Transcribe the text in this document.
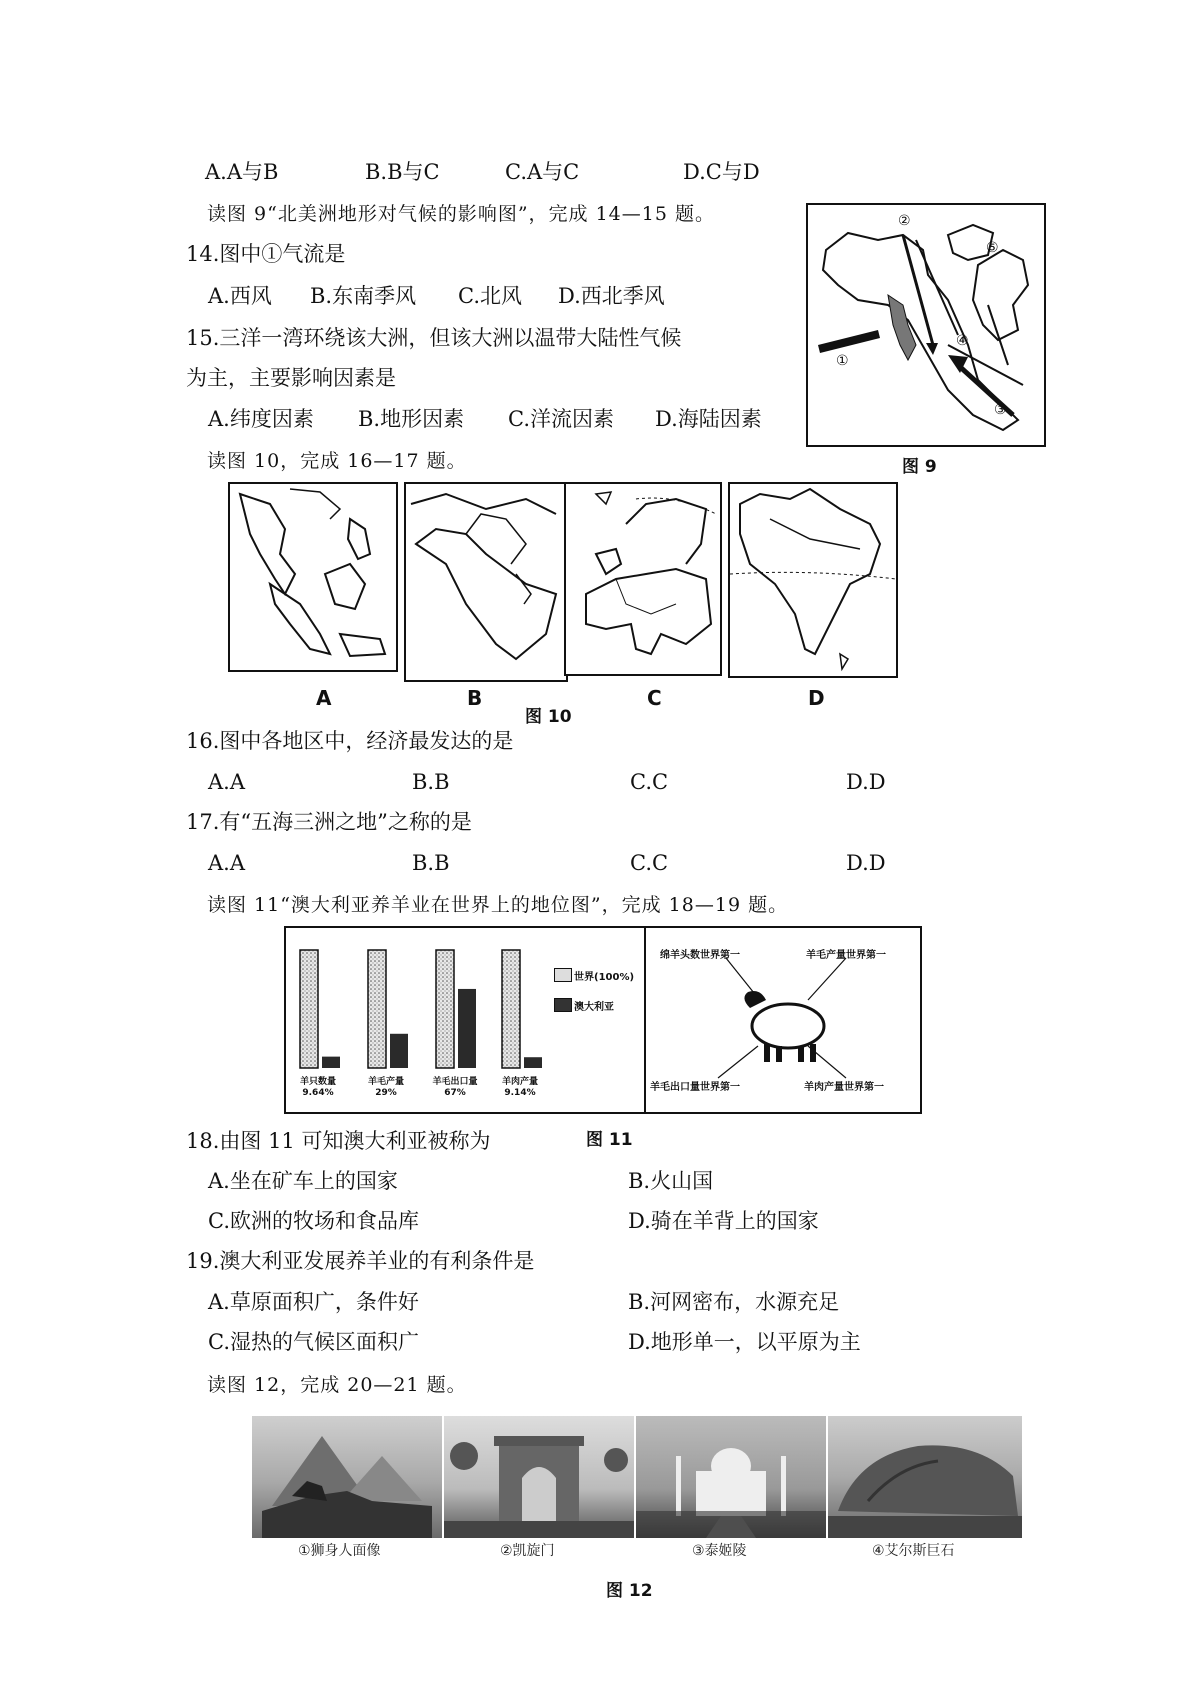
A.A与B	B.B与C	C.A与C	D.C与D
读图 9“北美洲地形对气候的影响图”，完成 14—15 题。
14.图中①气流是
A.西风 B.东南季风 C.北风 D.西北季风
15.三洋一湾环绕该大洲，但该大洲以温带大陆性气候
为主，主要影响因素是
A.纬度因素 B.地形因素 C.洋流因素 D.海陆因素
读图 10，完成 16—17 题。
①
②
③
④
⑤
图 9
A	B	C	D
图 10
16.图中各地区中，经济最发达的是
A.A	B.B	C.C	D.D
17.有“五海三洲之地”之称的是
A.A	B.B	C.C	D.D
读图 11“澳大利亚养羊业在世界上的地位图”，完成 18—19 题。
羊只数量	羊毛产量	羊毛出口量	羊肉产量
9.64%	29%	67%	9.14%
世界(100%)
澳大利亚
绵羊头数世界第一	羊毛产量世界第一
羊毛出口量世界第一	羊肉产量世界第一
18.由图 11 可知澳大利亚被称为	图 11
A.坐在矿车上的国家	B.火山国
C.欧洲的牧场和食品库	D.骑在羊背上的国家
19.澳大利亚发展养羊业的有利条件是
A.草原面积广，条件好	B.河网密布，水源充足
C.湿热的气候区面积广	D.地形单一，以平原为主
读图 12，完成 20—21 题。
①狮身人面像	②凯旋门	③泰姬陵	④艾尔斯巨石
图 12
